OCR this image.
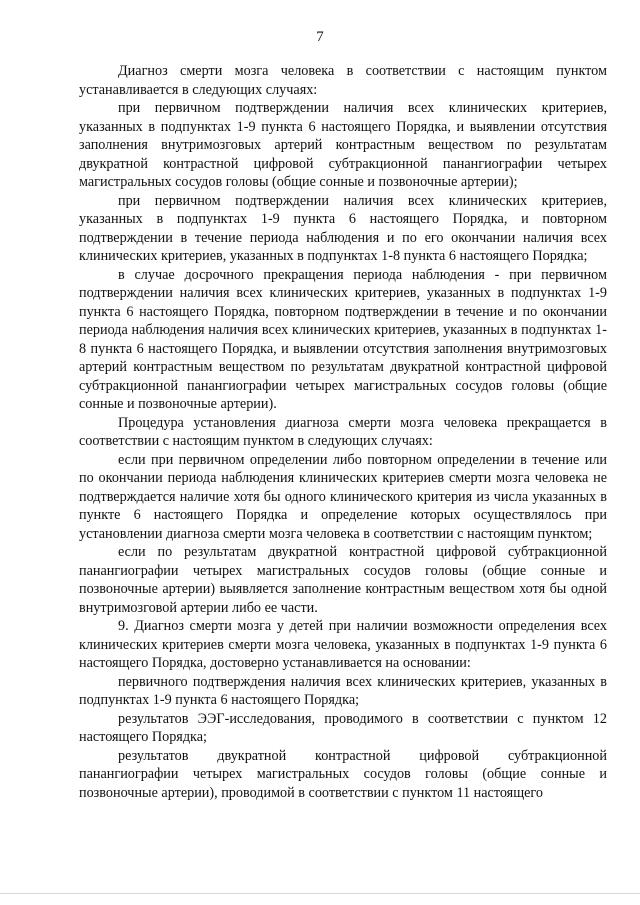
7

Диагноз смерти мозга человека в соответствии с настоящим пунктом устанавливается в следующих случаях:

при первичном подтверждении наличия всех клинических критериев, указанных в подпунктах 1-9 пункта 6 настоящего Порядка, и выявлении отсутствия заполнения внутримозговых артерий контрастным веществом по результатам двукратной контрастной цифровой субтракционной панангиографии четырех магистральных сосудов головы (общие сонные и позвоночные артерии);

при первичном подтверждении наличия всех клинических критериев, указанных в подпунктах 1-9 пункта 6 настоящего Порядка, и повторном подтверждении в течение периода наблюдения и по его окончании наличия всех клинических критериев, указанных в подпунктах 1-8 пункта 6 настоящего Порядка;

в случае досрочного прекращения периода наблюдения - при первичном подтверждении наличия всех клинических критериев, указанных в подпунктах 1-9 пункта 6 настоящего Порядка, повторном подтверждении в течение и по окончании периода наблюдения наличия всех клинических критериев, указанных в подпунктах 1-8 пункта 6 настоящего Порядка, и выявлении отсутствия заполнения внутримозговых артерий контрастным веществом по результатам двукратной контрастной цифровой субтракционной панангиографии четырех магистральных сосудов головы (общие сонные и позвоночные артерии).

Процедура установления диагноза смерти мозга человека прекращается в соответствии с настоящим пунктом в следующих случаях:

если при первичном определении либо повторном определении в течение или по окончании периода наблюдения клинических критериев смерти мозга человека не подтверждается наличие хотя бы одного клинического критерия из числа указанных в пункте 6 настоящего Порядка и определение которых осуществлялось при установлении диагноза смерти мозга человека в соответствии с настоящим пунктом;

если по результатам двукратной контрастной цифровой субтракционной панангиографии четырех магистральных сосудов головы (общие сонные и позвоночные артерии) выявляется заполнение контрастным веществом хотя бы одной внутримозговой артерии либо ее части.

9. Диагноз смерти мозга у детей при наличии возможности определения всех клинических критериев смерти мозга человека, указанных в подпунктах 1-9 пункта 6 настоящего Порядка, достоверно устанавливается на основании:

первичного подтверждения наличия всех клинических критериев, указанных в подпунктах 1-9 пункта 6 настоящего Порядка;

результатов ЭЭГ-исследования, проводимого в соответствии с пунктом 12 настоящего Порядка;

результатов двукратной контрастной цифровой субтракционной панангиографии четырех магистральных сосудов головы (общие сонные и позвоночные артерии), проводимой в соответствии с пунктом 11 настоящего
